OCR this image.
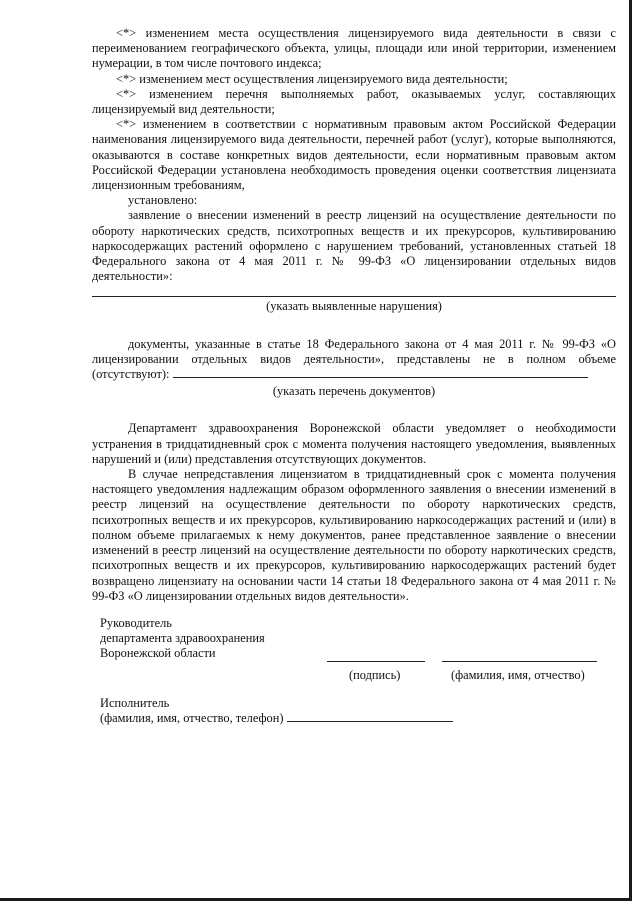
<*> изменением места осуществления лицензируемого вида деятельности в связи с переименованием географического объекта, улицы, площади или иной территории, изменением нумерации, в том числе почтового индекса;

<*> изменением мест осуществления лицензируемого вида деятельности;

<*> изменением перечня выполняемых работ, оказываемых услуг, составляющих лицензируемый вид деятельности;

<*> изменением в соответствии с нормативным правовым актом Российской Федерации наименования лицензируемого вида деятельности, перечней работ (услуг), которые выполняются, оказываются в составе конкретных видов деятельности, если нормативным правовым актом Российской Федерации установлена необходимость проведения оценки соответствия лицензиата лицензионным требованиям,

установлено:

заявление о внесении изменений в реестр лицензий на осуществление деятельности по обороту наркотических средств, психотропных веществ и их прекурсоров, культивированию наркосодержащих растений оформлено с нарушением требований, установленных статьей 18 Федерального закона от 4 мая 2011 г. № 99-ФЗ «О лицензировании отдельных видов деятельности»:

(указать выявленные нарушения)

документы, указанные в статье 18 Федерального закона от 4 мая 2011 г. № 99-ФЗ «О лицензировании отдельных видов деятельности», представлены не в полном объеме (отсутствуют):

(указать перечень документов)

Департамент здравоохранения Воронежской области уведомляет о необходимости устранения в тридцатидневный срок с момента получения настоящего уведомления, выявленных нарушений и (или) представления отсутствующих документов.

В случае непредставления лицензиатом в тридцатидневный срок с момента получения настоящего уведомления надлежащим образом оформленного заявления о внесении изменений в реестр лицензий на осуществление деятельности по обороту наркотических средств, психотропных веществ и их прекурсоров, культивированию наркосодержащих растений и (или) в полном объеме прилагаемых к нему документов, ранее представленное заявление о внесении изменений в реестр лицензий на осуществление деятельности по обороту наркотических средств, психотропных веществ и их прекурсоров, культивированию наркосодержащих растений будет возвращено лицензиату на основании части 14 статьи 18 Федерального закона от 4 мая 2011 г. № 99-ФЗ «О лицензировании отдельных видов деятельности».

Руководитель
департамента здравоохранения
Воронежской области
(подпись)	(фамилия, имя, отчество)
Исполнитель
(фамилия, имя, отчество, телефон)
